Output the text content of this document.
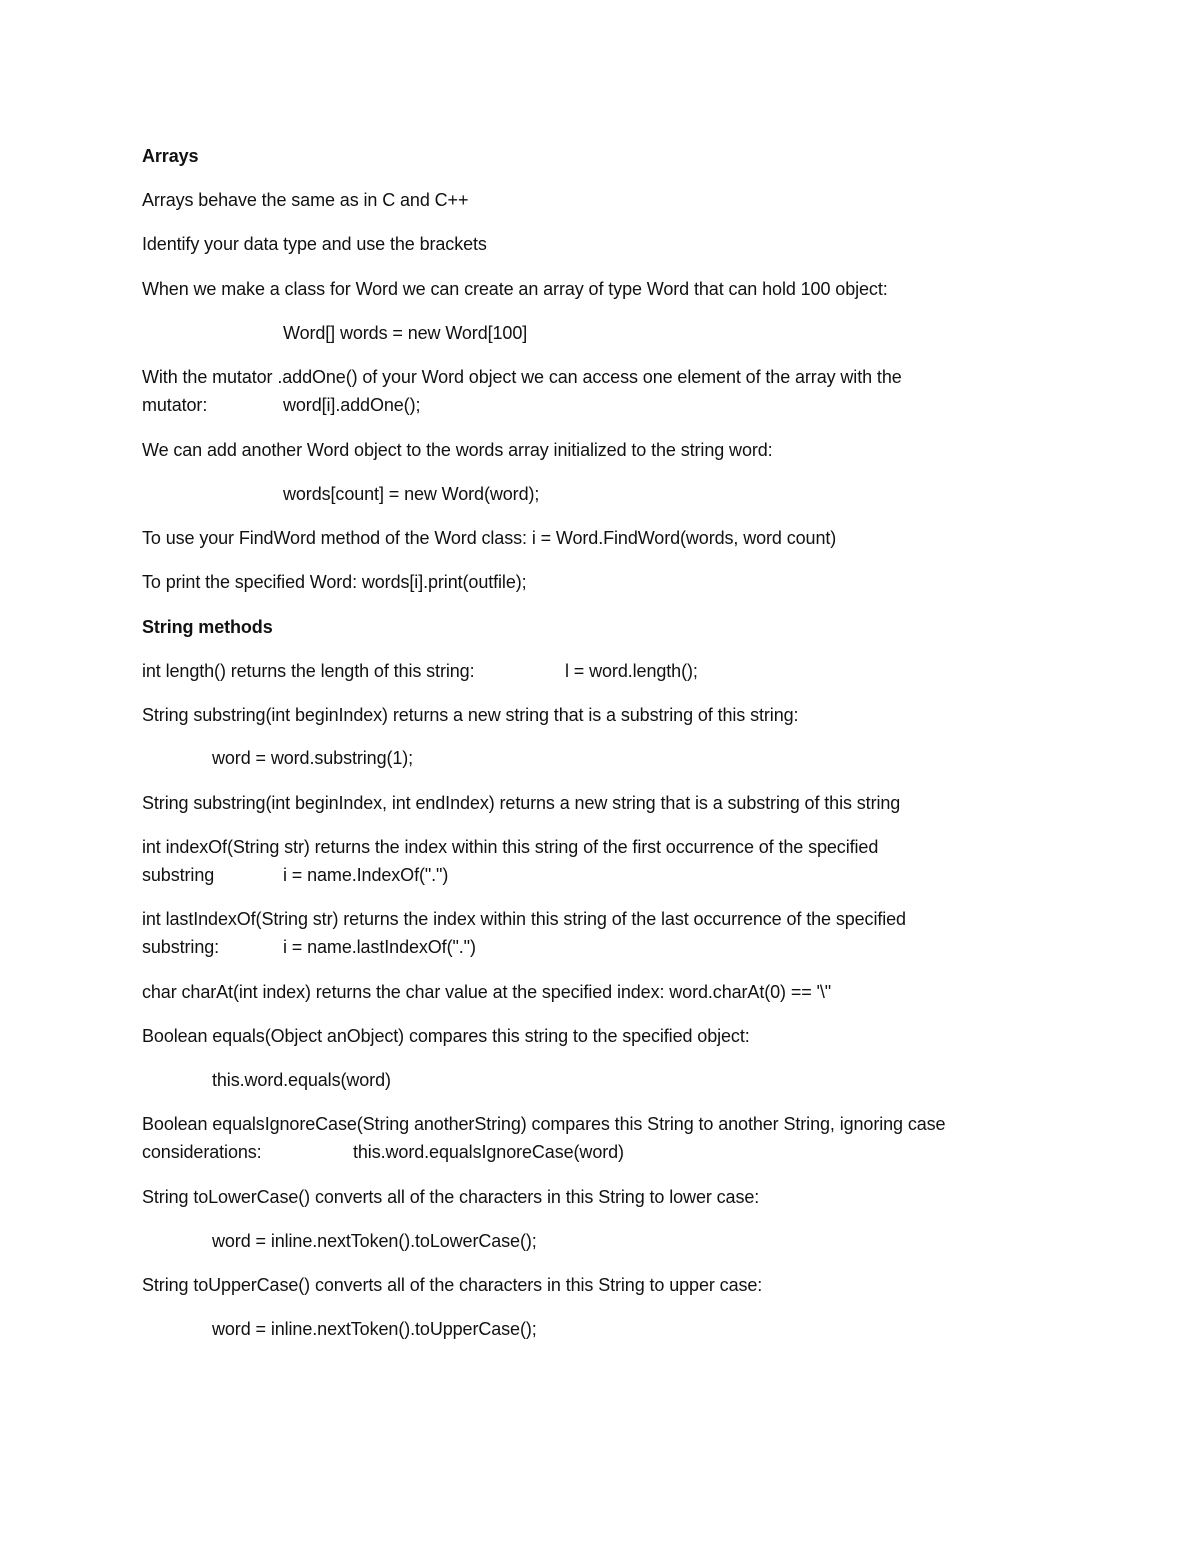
Arrays

Arrays behave the same as in C and C++

Identify your data type and use the brackets

When we make a class for Word we can create an array of type Word that can hold 100 object:

Word[] words = new Word[100]

With the mutator .addOne() of your Word object we can access one element of the array with the

mutator:	word[i].addOne();

We can add another Word object to the words array initialized to the string word:

words[count] = new Word(word);

To use your FindWord method of the Word class: i = Word.FindWord(words, word count)

To print the specified Word: words[i].print(outfile);

String methods

int length() returns the length of this string:	l = word.length();

String substring(int beginIndex) returns a new string that is a substring of this string:

word = word.substring(1);

String substring(int beginIndex, int endIndex) returns a new string that is a substring of this string

int indexOf(String str) returns the index within this string of the first occurrence of the specified

substring	i = name.IndexOf(".")

int lastIndexOf(String str) returns the index within this string of the last occurrence of the specified

substring:	i = name.lastIndexOf(".")

char charAt(int index) returns the char value at the specified index: word.charAt(0) == '\"

Boolean equals(Object anObject) compares this string to the specified object:

this.word.equals(word)

Boolean equalsIgnoreCase(String anotherString) compares this String to another String, ignoring case

considerations:	this.word.equalsIgnoreCase(word)

String toLowerCase() converts all of the characters in this String to lower case:

word = inline.nextToken().toLowerCase();

String toUpperCase() converts all of the characters in this String to upper case:

word = inline.nextToken().toUpperCase();
